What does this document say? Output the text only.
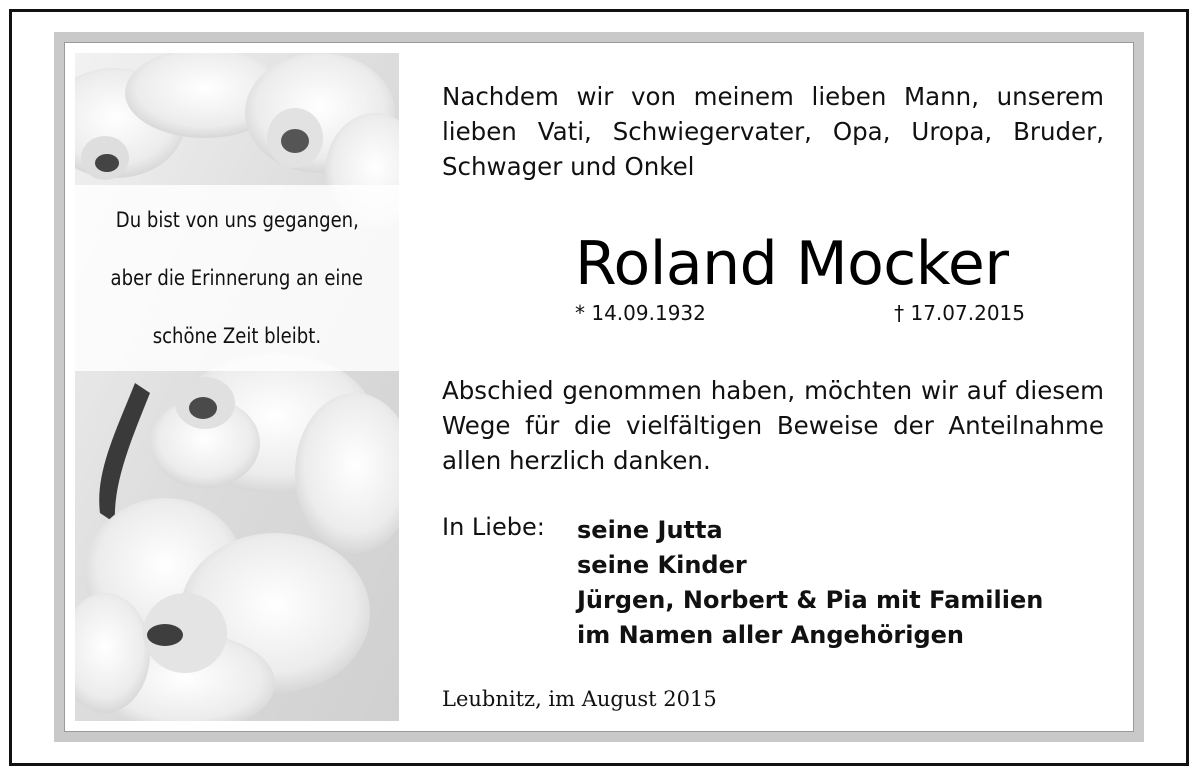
Du bist von uns gegangen,
aber die Erinnerung an eine
schöne Zeit bleibt.

Nachdem wir von meinem lieben Mann, unserem

lieben Vati, Schwiegervater, Opa, Uropa, Bruder,

Schwager und Onkel

Roland Mocker
* 14.09.1932	† 17.07.2015

Abschied genommen haben, möchten wir auf diesem

Wege für die vielfältigen Beweise der Anteilnahme

allen herzlich danken.

In Liebe: seine Jutta
seine Kinder
Jürgen, Norbert & Pia mit Familien
im Namen aller Angehörigen
Leubnitz, im August 2015
